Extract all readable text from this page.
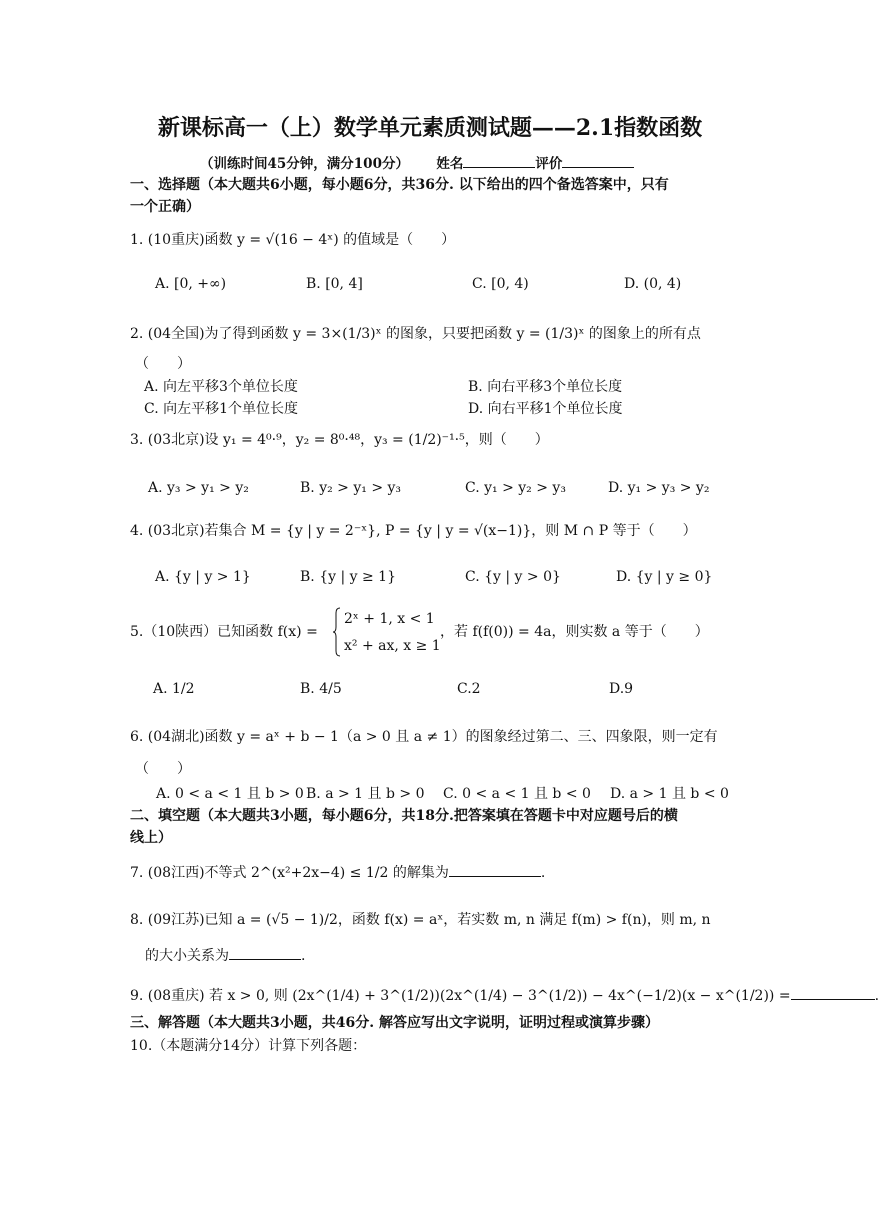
新课标高一（上）数学单元素质测试题——2.1指数函数
（训练时间45分钟，满分100分） 姓名	评价
一、选择题（本大题共6小题，每小题6分，共36分. 以下给出的四个备选答案中，只有
一个正确）
1. (10重庆)函数 y = √(16 − 4ˣ) 的值域是（　　）
A. [0, +∞)	B. [0, 4]	C. [0, 4)	D. (0, 4)
2. (04全国)为了得到函数 y = 3×(1/3)ˣ 的图象，只要把函数 y = (1/3)ˣ 的图象上的所有点
（　　）
A. 向左平移3个单位长度	B. 向右平移3个单位长度
C. 向左平移1个单位长度	D. 向右平移1个单位长度
3. (03北京)设 y₁ = 4⁰·⁹，y₂ = 8⁰·⁴⁸，y₃ = (1/2)⁻¹·⁵，则（　　）
A. y₃ > y₁ > y₂	B. y₂ > y₁ > y₃	C. y₁ > y₂ > y₃	D. y₁ > y₃ > y₂
4. (03北京)若集合 M = {y | y = 2⁻ˣ}, P = {y | y = √(x−1)}，则 M ∩ P 等于（　　）
A. {y | y > 1}	B. {y | y ≥ 1}	C. {y | y > 0}	D. {y | y ≥ 0}
5.（10陕西）已知函数 f(x) =
2ˣ + 1, x < 1
x² + ax, x ≥ 1
，若 f(f(0)) = 4a，则实数 a 等于（　　）
A. 1/2	B. 4/5	C.2	D.9
6. (04湖北)函数 y = aˣ + b − 1（a > 0 且 a ≠ 1）的图象经过第二、三、四象限，则一定有
（　　）
A. 0 < a < 1 且 b > 0 B. a > 1 且 b > 0 C. 0 < a < 1 且 b < 0 D. a > 1 且 b < 0
二、填空题（本大题共3小题，每小题6分，共18分.把答案填在答题卡中对应题号后的横
线上）
7. (08江西)不等式 2^(x²+2x−4) ≤ 1/2 的解集为	.
8. (09江苏)已知 a = (√5 − 1)/2，函数 f(x) = aˣ，若实数 m, n 满足 f(m) > f(n)，则 m, n
的大小关系为	.
9. (08重庆) 若 x > 0, 则 (2x^(1/4) + 3^(1/2))(2x^(1/4) − 3^(1/2)) − 4x^(−1/2)(x − x^(1/2)) =	.
三、解答题（本大题共3小题，共46分. 解答应写出文字说明，证明过程或演算步骤）
10.（本题满分14分）计算下列各题：
